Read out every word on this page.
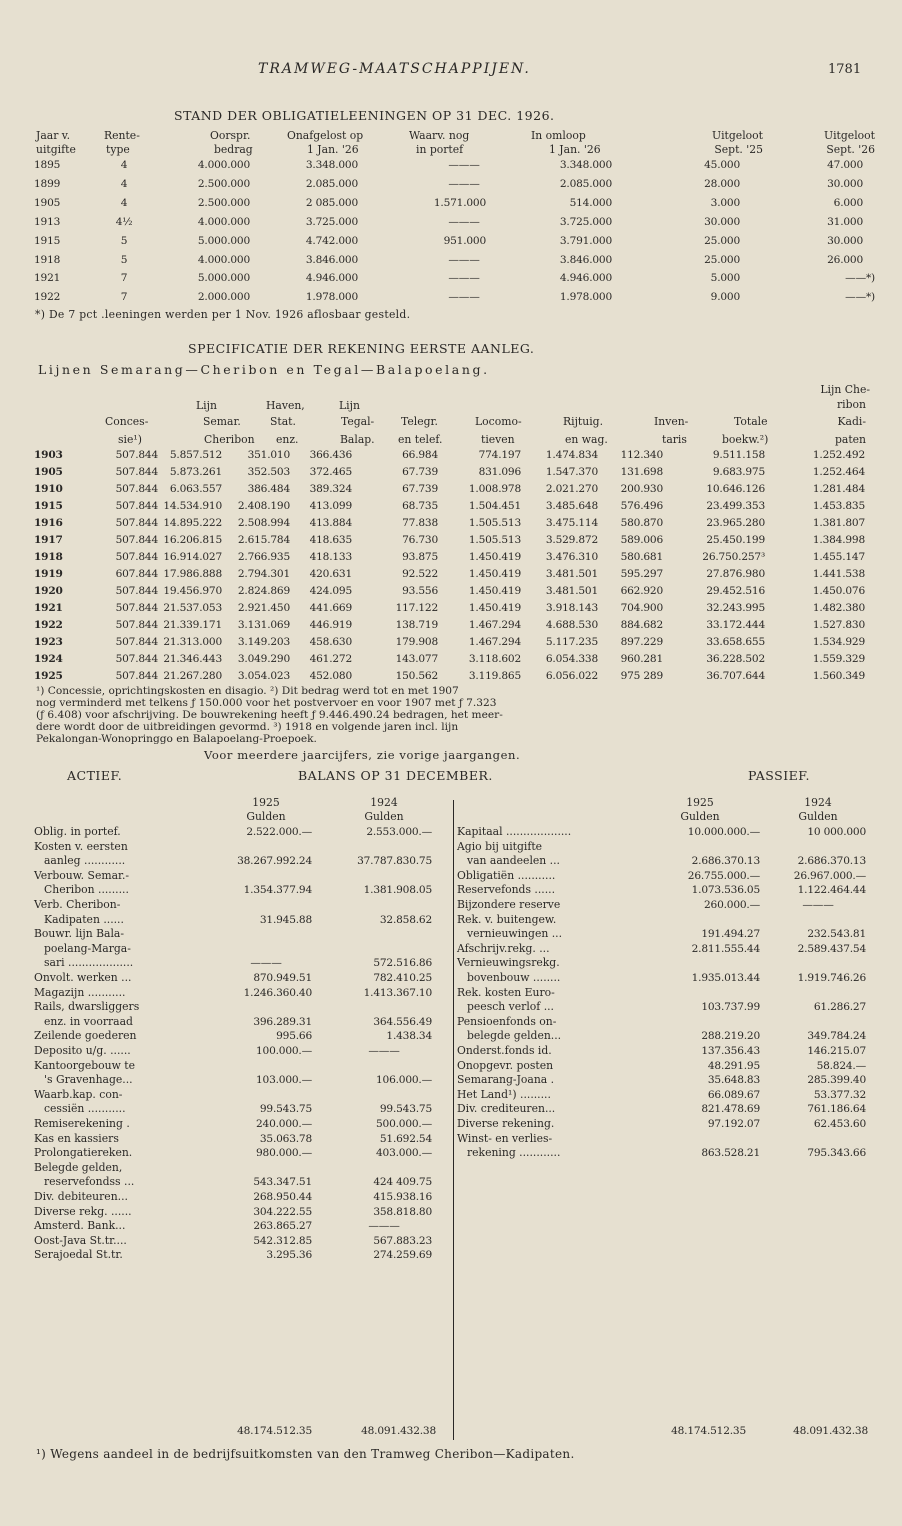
TRAMWEG-MAATSCHAPPIJEN.	1781
STAND DER OBLIGATIELEENINGEN OP 31 DEC. 1926.
Jaar v.	Rente-	Oorspr.	Onafgelost op	Waarv. nog	In omloop	Uitgeloot	Uitgeloot
uitgifte	type	bedrag	1 Jan. '26	in portef	1 Jan. '26	Sept. '25	Sept. '26
1895	4	4.000.000	3.348.000	———	3.348.000	45.000	47.000
1899	4	2.500.000	2.085.000	———	2.085.000	28.000	30.000
1905	4	2.500.000	2 085.000	1.571.000	514.000	3.000	6.000
1913	4½	4.000.000	3.725.000	———	3.725.000	30.000	31.000
1915	5	5.000.000	4.742.000	951.000	3.791.000	25.000	30.000
1918	5	4.000.000	3.846.000	———	3.846.000	25.000	26.000
1921	7	5.000.000	4.946.000	———	4.946.000	5.000	——*)
1922	7	2.000.000	1.978.000	———	1.978.000	9.000	——*)
*) De 7 pct .leeningen werden per 1 Nov. 1926 aflosbaar gesteld.
SPECIFICATIE DER REKENING EERSTE AANLEG.
Lijnen Semarang—Cheribon en Tegal—Balapoelang.
Lijn Che-
ribon
Kadi-
paten
Lijn	Haven,	Lijn
Conces-	Semar.	Stat.	Tegal- Telegr.	Locomo-	Rijtuig.	Inven-	Totale
sie¹)	Cheribon enz.	Balap. en telef.	tieven	en wag.	taris	boekw.²)
1903	507.844 5.857.512 351.010 366.436	66.984	774.197 1.474.834 112.340	9.511.158	1.252.492
1905	507.844 5.873.261 352.503 372.465	67.739	831.096 1.547.370 131.698	9.683.975	1.252.464
1910	507.844 6.063.557 386.484 389.324	67.739	1.008.978 2.021.270 200.930	10.646.126	1.281.484
1915	507.844 14.534.910 2.408.190 413.099	68.735	1.504.451 3.485.648 576.496	23.499.353	1.453.835
1916	507.844 14.895.222 2.508.994 413.884	77.838	1.505.513 3.475.114 580.870	23.965.280	1.381.807
1917	507.844 16.206.815 2.615.784 418.635	76.730	1.505.513 3.529.872 589.006	25.450.199	1.384.998
1918	507.844 16.914.027 2.766.935 418.133	93.875	1.450.419 3.476.310 580.681	26.750.257³	1.455.147
1919	607.844 17.986.888 2.794.301 420.631	92.522	1.450.419 3.481.501 595.297	27.876.980	1.441.538
1920	507.844 19.456.970 2.824.869 424.095	93.556	1.450.419 3.481.501 662.920	29.452.516	1.450.076
1921	507.844 21.537.053 2.921.450 441.669	117.122	1.450.419 3.918.143 704.900	32.243.995	1.482.380
1922	507.844 21.339.171 3.131.069 446.919	138.719	1.467.294 4.688.530 884.682	33.172.444	1.527.830
1923	507.844 21.313.000 3.149.203 458.630	179.908	1.467.294 5.117.235 897.229	33.658.655	1.534.929
1924	507.844 21.346.443 3.049.290 461.272	143.077	3.118.602 6.054.338 960.281	36.228.502	1.559.329
1925	507.844 21.267.280 3.054.023 452.080	150.562	3.119.865 6.056.022 975 289	36.707.644	1.560.349
¹) Concessie, oprichtingskosten en disagio. ²) Dit bedrag werd tot en met 1907
nog verminderd met telkens ƒ 150.000 voor het postvervoer en voor 1907 met ƒ 7.323
(ƒ 6.408) voor afschrijving. De bouwrekening heeft ƒ 9.446.490.24 bedragen, het meer-
dere wordt door de uitbreidingen gevormd. ³) 1918 en volgende jaren incl. lijn
Pekalongan-Wonopringgo en Balapoelang-Proepoek.
Voor meerdere jaarcijfers, zie vorige jaargangen.
ACTIEF.	BALANS OP 31 DECEMBER.	PASSIEF.
1925	1924
Gulden	Gulden
1925	1924
Gulden	Gulden
Oblig. in portef.	2.522.000.—	2.553.000.—
Kosten v. eersten
aanleg ............	38.267.992.24	37.787.830.75
Verbouw. Semar.-
Cheribon .........	1.354.377.94	1.381.908.05
Verb. Cheribon-
Kadipaten ......	31.945.88	32.858.62
Bouwr. lijn Bala-
poelang-Marga-
sari ...................	———	572.516.86
Onvolt. werken ...	870.949.51	782.410.25
Magazijn ...........	1.246.360.40	1.413.367.10
Rails, dwarsliggers
enz. in voorraad	396.289.31	364.556.49
Zeilende goederen	995.66	1.438.34
Deposito u/g. ......	100.000.—	———
Kantoorgebouw te
's Gravenhage...	103.000.—	106.000.—
Waarb.kap. con-
cessiën ...........	99.543.75	99.543.75
Remiserekening .	240.000.—	500.000.—
Kas en kassiers	35.063.78	51.692.54
Prolongatiereken.	980.000.—	403.000.—
Belegde gelden,
reservefondss ...	543.347.51	424 409.75
Div. debiteuren...	268.950.44	415.938.16
Diverse rekg. ......	304.222.55	358.818.80
Amsterd. Bank...	263.865.27	———
Oost-Java St.tr....	542.312.85	567.883.23
Serajoedal St.tr.	3.295.36	274.259.69
Kapitaal ...................	10.000.000.—	10 000.000
Agio bij uitgifte
van aandeelen ...	2.686.370.13	2.686.370.13
Obligatiën ...........	26.755.000.—	26.967.000.—
Reservefonds ......	1.073.536.05	1.122.464.44
Bijzondere reserve	260.000.—	———
Rek. v. buitengew.
vernieuwingen ...	191.494.27	232.543.81
Afschrijv.rekg. ...	2.811.555.44	2.589.437.54
Vernieuwingsrekg.
bovenbouw ........	1.935.013.44	1.919.746.26
Rek. kosten Euro-
peesch verlof ...	103.737.99	61.286.27
Pensioenfonds on-
belegde gelden...	288.219.20	349.784.24
Onderst.fonds id.	137.356.43	146.215.07
Onopgevr. posten	48.291.95	58.824.—
Semarang-Joana .	35.648.83	285.399.40
Het Land¹) .........	66.089.67	53.377.32
Div. crediteuren...	821.478.69	761.186.64
Diverse rekening.	97.192.07	62.453.60
Winst- en verlies-
rekening ............	863.528.21	795.343.66
48.174.512.35	48.091.432.38	48.174.512.35	48.091.432.38
¹) Wegens aandeel in de bedrijfsuitkomsten van den Tramweg Cheribon—Kadipaten.
